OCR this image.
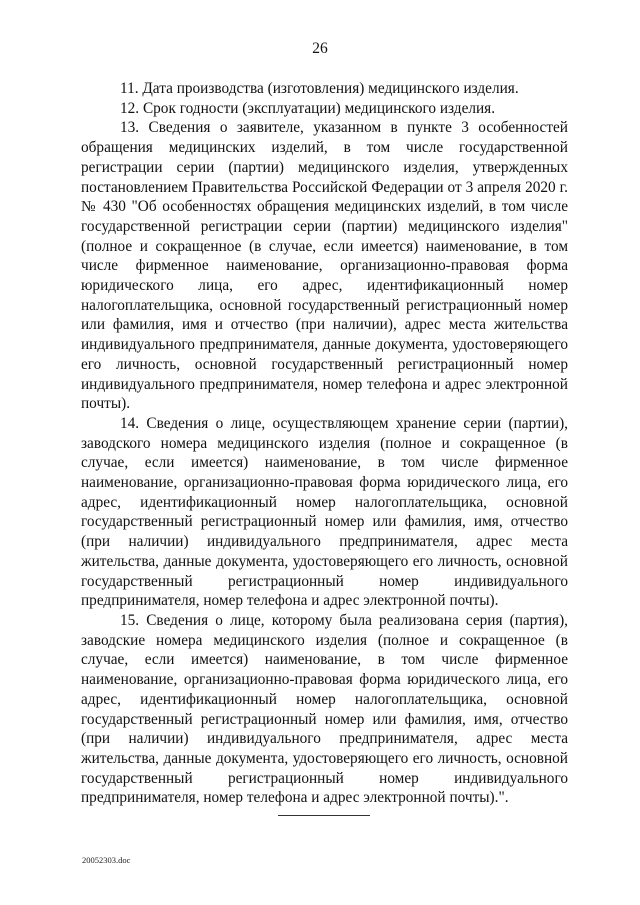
26

11. Дата производства (изготовления) медицинского изделия.

12. Срок годности (эксплуатации) медицинского изделия.

13. Сведения о заявителе, указанном в пункте 3 особенностей обращения медицинских изделий, в том числе государственной регистрации серии (партии) медицинского изделия, утвержденных постановлением Правительства Российской Федерации от 3 апреля 2020 г. № 430 "Об особенностях обращения медицинских изделий, в том числе государственной регистрации серии (партии) медицинского изделия" (полное и сокращенное (в случае, если имеется) наименование, в том числе фирменное наименование, организационно-правовая форма юридического лица, его адрес, идентификационный номер налогоплательщика, основной государственный регистрационный номер или фамилия, имя и отчество (при наличии), адрес места жительства индивидуального предпринимателя, данные документа, удостоверяющего его личность, основной государственный регистрационный номер индивидуального предпринимателя, номер телефона и адрес электронной почты).

14. Сведения о лице, осуществляющем хранение серии (партии), заводского номера медицинского изделия (полное и сокращенное (в случае, если имеется) наименование, в том числе фирменное наименование, организационно-правовая форма юридического лица, его адрес, идентификационный номер налогоплательщика, основной государственный регистрационный номер или фамилия, имя, отчество (при наличии) индивидуального предпринимателя, адрес места жительства, данные документа, удостоверяющего его личность, основной государственный регистрационный номер индивидуального предпринимателя, номер телефона и адрес электронной почты).

15. Сведения о лице, которому была реализована серия (партия), заводские номера медицинского изделия (полное и сокращенное (в случае, если имеется) наименование, в том числе фирменное наименование, организационно-правовая форма юридического лица, его адрес, идентификационный номер налогоплательщика, основной государственный регистрационный номер или фамилия, имя, отчество (при наличии) индивидуального предпринимателя, адрес места жительства, данные документа, удостоверяющего его личность, основной государственный регистрационный номер индивидуального предпринимателя, номер телефона и адрес электронной почты).".

20052303.doc
